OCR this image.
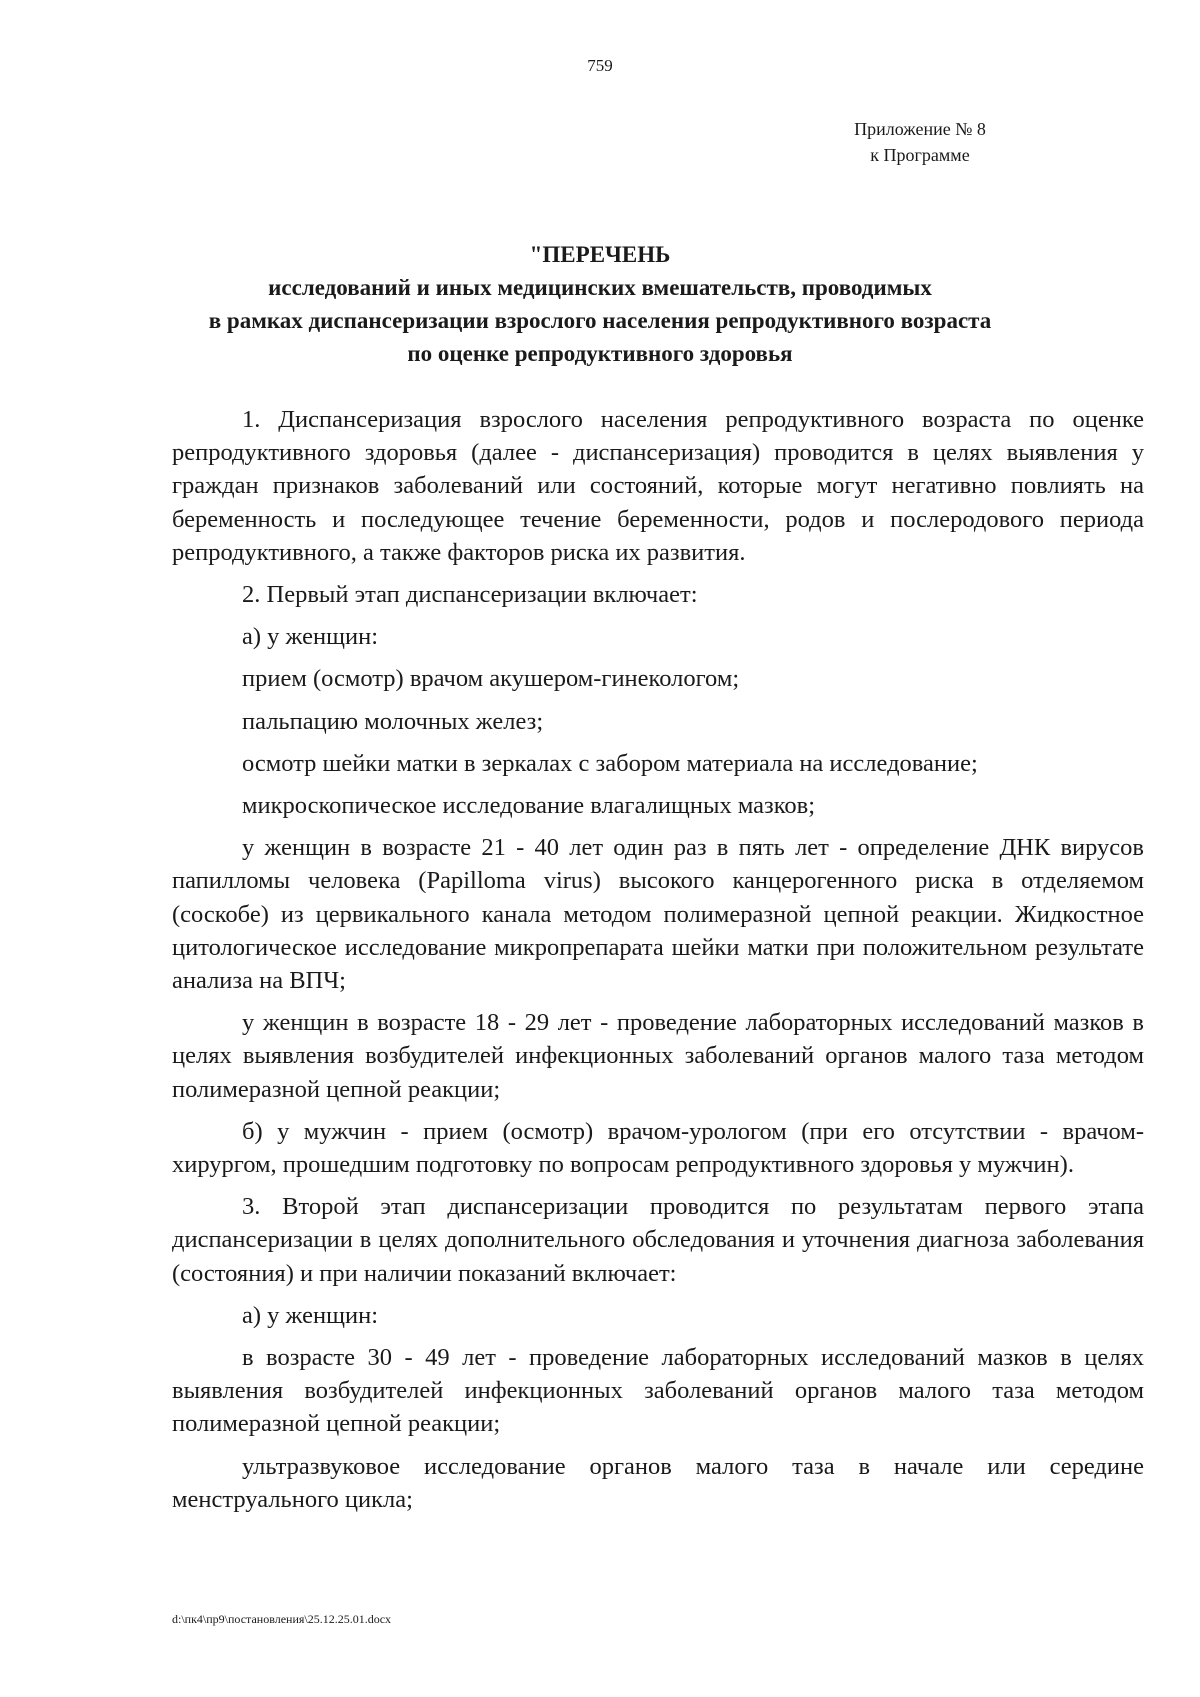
759
Приложение № 8
к Программе
"ПЕРЕЧЕНЬ
исследований и иных медицинских вмешательств, проводимых
в рамках диспансеризации взрослого населения репродуктивного возраста
по оценке репродуктивного здоровья

1. Диспансеризация взрослого населения репродуктивного возраста по оценке репродуктивного здоровья (далее - диспансеризация) проводится в целях выявления у граждан признаков заболеваний или состояний, которые могут негативно повлиять на беременность и последующее течение беременности, родов и послеродового периода репродуктивного, а также факторов риска их развития.

2. Первый этап диспансеризации включает:

а) у женщин:

прием (осмотр) врачом акушером-гинекологом;

пальпацию молочных желез;

осмотр шейки матки в зеркалах с забором материала на исследование;

микроскопическое исследование влагалищных мазков;

у женщин в возрасте 21 - 40 лет один раз в пять лет - определение ДНК вирусов папилломы человека (Papilloma virus) высокого канцерогенного риска в отделяемом (соскобе) из цервикального канала методом полимеразной цепной реакции. Жидкостное цитологическое исследование микропрепарата шейки матки при положительном результате анализа на ВПЧ;

у женщин в возрасте 18 - 29 лет - проведение лабораторных исследований мазков в целях выявления возбудителей инфекционных заболеваний органов малого таза методом полимеразной цепной реакции;

б) у мужчин - прием (осмотр) врачом-урологом (при его отсутствии - врачом-хирургом, прошедшим подготовку по вопросам репродуктивного здоровья у мужчин).

3. Второй этап диспансеризации проводится по результатам первого этапа диспансеризации в целях дополнительного обследования и уточнения диагноза заболевания (состояния) и при наличии показаний включает:

а) у женщин:

в возрасте 30 - 49 лет - проведение лабораторных исследований мазков в целях выявления возбудителей инфекционных заболеваний органов малого таза методом полимеразной цепной реакции;

ультразвуковое исследование органов малого таза в начале или середине менструального цикла;

d:\пк4\пр9\постановления\25.12.25.01.docx
